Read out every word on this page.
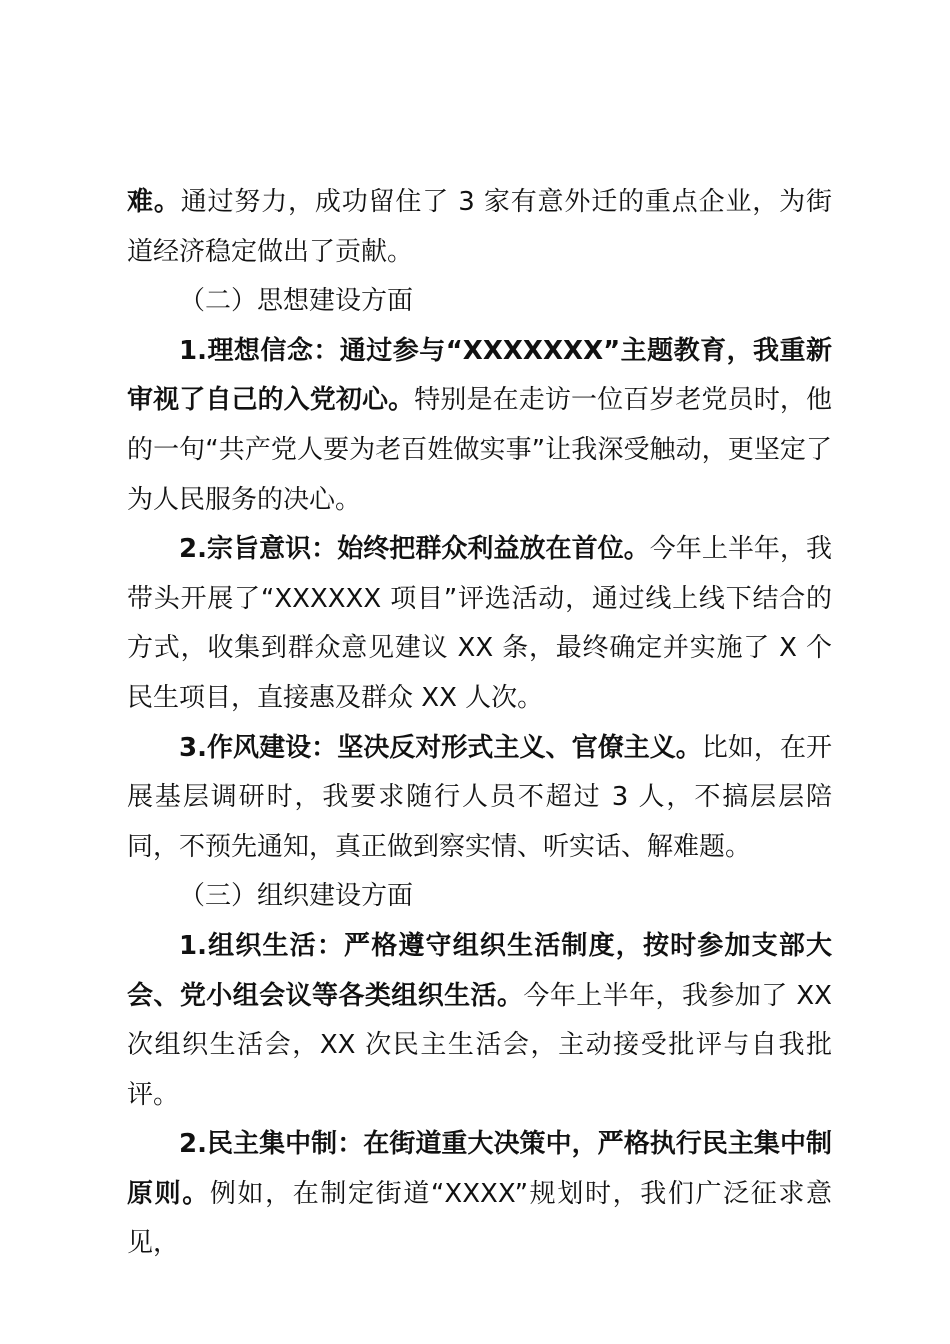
难。通过努力，成功留住了 3 家有意外迁的重点企业，为街道经济稳定做出了贡献。

（二）思想建设方面

1.理想信念：通过参与“XXXXXXX”主题教育，我重新审视了自己的入党初心。特别是在走访一位百岁老党员时，他的一句“共产党人要为老百姓做实事”让我深受触动，更坚定了为人民服务的决心。

2.宗旨意识：始终把群众利益放在首位。今年上半年，我带头开展了“XXXXXX 项目”评选活动，通过线上线下结合的方式，收集到群众意见建议 XX 条，最终确定并实施了 X 个民生项目，直接惠及群众 XX 人次。

3.作风建设：坚决反对形式主义、官僚主义。比如，在开展基层调研时，我要求随行人员不超过 3 人，不搞层层陪同，不预先通知，真正做到察实情、听实话、解难题。

（三）组织建设方面

1.组织生活：严格遵守组织生活制度，按时参加支部大会、党小组会议等各类组织生活。今年上半年，我参加了 XX 次组织生活会，XX 次民主生活会，主动接受批评与自我批评。

2.民主集中制：在街道重大决策中，严格执行民主集中制原则。例如，在制定街道“XXXX”规划时，我们广泛征求意见，
